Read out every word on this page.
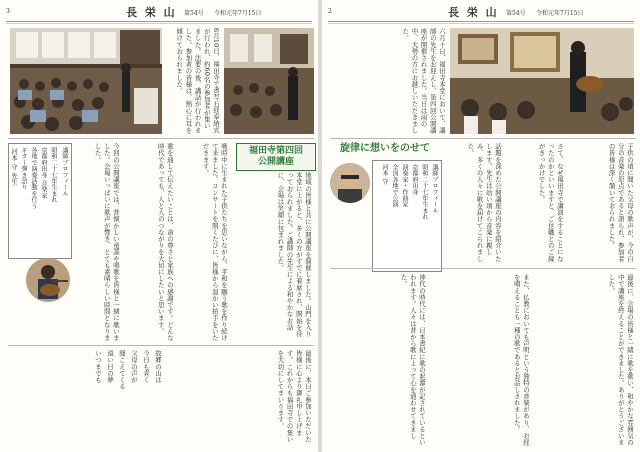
3	長 栄 山 第54号 令和元年7月15日
6月10日、福田寺で書写石経奉納式が行われ、約60名の参加者が集いました。法要の後、講話が行われました。参加者の皆様は、熱心に耳を傾けておられました。
福田寺第四回
公開講座
地域の皆様と共に公開講座を開催しました。山門を入り本堂に上がると、多くの方がすでに着席され、開始を待っておられました。ご講師の先生による和やかなお話に、会場は笑顔に包まれました。
戦時中に生まれた子供たちを思いながら、平和を願う歌を作り続けて来ました。コンサートを開くたびに、皆様から温かい拍手をいただきます。
歌を通して伝えたいことは、命の尊さと家族への感謝です。どんな時代であっても、人と人のつながりを大切にしたいと思います。
今回の公開講座では、昔懐かしい童謡や唱歌を皆様と一緒に歌いました。会場いっぱいに歌声が響き、とても素晴らしい時間となりました。
講師プロフィール
昭和二十七年生まれ
京都府出身 音楽家
各地で演奏活動を行う
ギター弾き語り
河本 守 先生
最後に、本日ご参加いただいた皆様に心より御礼申し上げます。これからも福田寺での集いを大切にしてまいります。
故郷の山は
今日も青く
父母の声が
聞こえてくる
遠い日の夢
いつまでも
2	長 栄 山 第54号 令和元年7月15日
六月十日、福田寺本堂において、講師の先生をお迎えし、第四回公開講座が開催されました。当日は雨の中、大勢の方にお越しいただきました。
旋律に想いをのせて
講師プロフィール
昭和二十七年生まれ
京都府出身
演奏家・作曲家
全国各地で公演
河本 守	話題を深めた公開講座の内容を紹介いたします。先生は幼い頃から音楽に親しみ、多くの人々に歌を届けてこられました。	さて、なぜ福田寺で講演をすることになったのかといいますと、ご住職とのご縁がきっかけでした。	子供の頃に聞いた父母の歌声が、今の自分の音楽の原点であると語られ、参加者の皆様は深く頷いておられました。
神代の時代には、日本書紀に歌の起源が記されているといわれます。人々は昔から歌によって心を通わせてきました。	また、仏教においても声明という独特の音楽があり、お経を唱えることも一種の歌であるとお話しされました。	最後に、会場の皆様と一緒に歌を歌い、和やかな雰囲気の中で講座を終えることができました。ありがとうございました。
